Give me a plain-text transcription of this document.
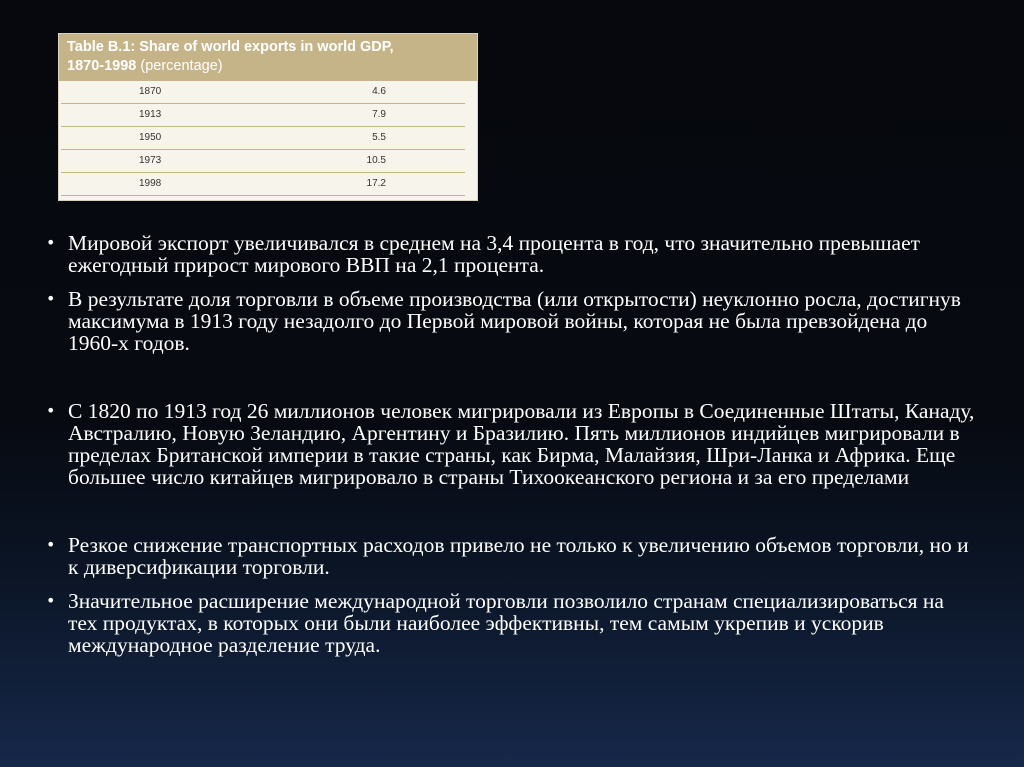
Table B.1: Share of world exports in world GDP,
1870-1998 (percentage)
1870	4.6
1913	7.9
1950	5.5
1973	10.5
1998	17.2
• Мировой экспорт увеличивался в среднем на 3,4 процента в год, что значительно превышает ежегодный прирост мирового ВВП на 2,1 процента.
• В результате доля торговли в объеме производства (или открытости) неуклонно росла, достигнув максимума в 1913 году незадолго до Первой мировой войны, которая не была превзойдена до 1960-х годов.
• С 1820 по 1913 год 26 миллионов человек мигрировали из Европы в Соединенные Штаты, Канаду, Австралию, Новую Зеландию, Аргентину и Бразилию. Пять миллионов индийцев мигрировали в пределах Британской империи в такие страны, как Бирма, Малайзия, Шри-Ланка и Африка. Еще большее число китайцев мигрировало в страны Тихоокеанского региона и за его пределами
• Резкое снижение транспортных расходов привело не только к увеличению объемов торговли, но и к диверсификации торговли.
• Значительное расширение международной торговли позволило странам специализироваться на тех продуктах, в которых они были наиболее эффективны, тем самым укрепив и ускорив международное разделение труда.
